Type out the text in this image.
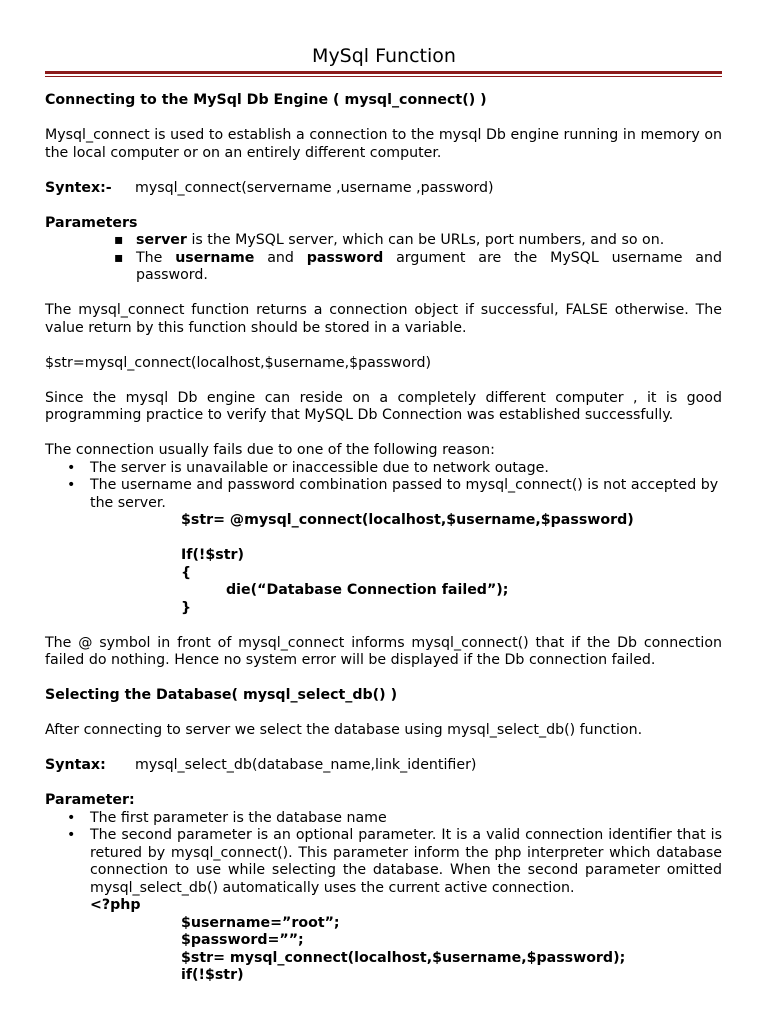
MySql Function

Connecting to the MySql Db Engine ( mysql_connect() )

Mysql_connect is used to establish a connection to the mysql Db engine running in memory on the local computer or on an entirely different computer.

Syntex:- mysql_connect(servername ,username ,password)

Parameters

▪ server is the MySQL server, which can be URLs, port numbers, and so on.
▪ The username and password argument are the MySQL username and password.

The mysql_connect function returns a connection object if successful, FALSE otherwise. The value return by this function should be stored in a variable.

$str=mysql_connect(localhost,$username,$password)

Since the mysql Db engine can reside on a completely different computer , it is good programming practice to verify that MySQL Db Connection was established successfully.

The connection usually fails due to one of the following reason:

• The server is unavailable or inaccessible due to network outage.
• The username and password combination passed to mysql_connect() is not accepted by the server.
$str= @mysql_connect(localhost,$username,$password)

If(!$str)
{
die(“Database Connection failed”);
}

The @ symbol in front of mysql_connect informs mysql_connect() that if the Db connection failed do nothing. Hence no system error will be displayed if the Db connection failed.

Selecting the Database( mysql_select_db() )

After connecting to server we select the database using mysql_select_db() function.

Syntax: mysql_select_db(database_name,link_identifier)

Parameter:

• The first parameter is the database name
• The second parameter is an optional parameter. It is a valid connection identifier that is retured by mysql_connect(). This parameter inform the php interpreter which database connection to use while selecting the database. When the second parameter omitted mysql_select_db() automatically uses the current active connection.
<?php
$username=”root”;
$password=””;
$str= mysql_connect(localhost,$username,$password);
if(!$str)
